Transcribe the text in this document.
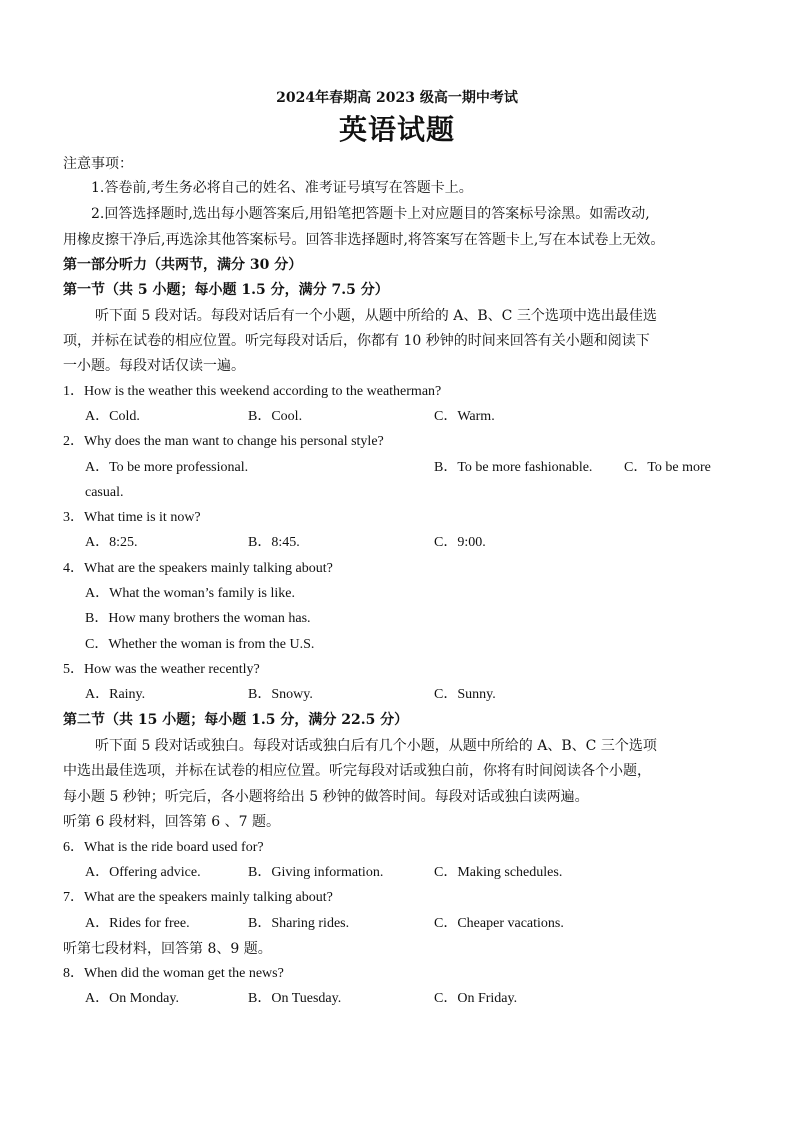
2024年春期高 2023 级高一期中考试
英语试题
注意事项：
1.答卷前,考生务必将自己的姓名、准考证号填写在答题卡上。
2.回答选择题时,选出每小题答案后,用铅笔把答题卡上对应题目的答案标号涂黑。如需改动,
用橡皮擦干净后,再选涂其他答案标号。回答非选择题时,将答案写在答题卡上,写在本试卷上无效。
第一部分听力（共两节，满分 30 分）
第一节（共 5 小题；每小题 1.5 分，满分 7.5 分）
听下面 5 段对话。每段对话后有一个小题，从题中所给的 A、B、C 三个选项中选出最佳选
项，并标在试卷的相应位置。听完每段对话后，你都有 10 秒钟的时间来回答有关小题和阅读下
一小题。每段对话仅读一遍。
1．How is the weather this weekend according to the weatherman?
A．Cold.	B．Cool.	C．Warm.
2．Why does the man want to change his personal style?
A．To be more professional.	B．To be more fashionable. C．To be more
casual.
3．What time is it now?
A．8:25.	B．8:45.	C．9:00.
4．What are the speakers mainly talking about?
A．What the woman’s family is like.
B．How many brothers the woman has.
C．Whether the woman is from the U.S.
5．How was the weather recently?
A．Rainy.	B．Snowy.	C．Sunny.
第二节（共 15 小题；每小题 1.5 分，满分 22.5 分）
听下面 5 段对话或独白。每段对话或独白后有几个小题，从题中所给的 A、B、C 三个选项
中选出最佳选项，并标在试卷的相应位置。听完每段对话或独白前，你将有时间阅读各个小题，
每小题 5 秒钟；听完后，各小题将给出 5 秒钟的做答时间。每段对话或独白读两遍。
听第 6 段材料，回答第 6 、7 题。
6．What is the ride board used for?
A．Offering advice.	B．Giving information.	C．Making schedules.
7．What are the speakers mainly talking about?
A．Rides for free.	B．Sharing rides.	C．Cheaper vacations.
听第七段材料，回答第 8、9 题。
8．When did the woman get the news?
A．On Monday.	B．On Tuesday.	C．On Friday.
